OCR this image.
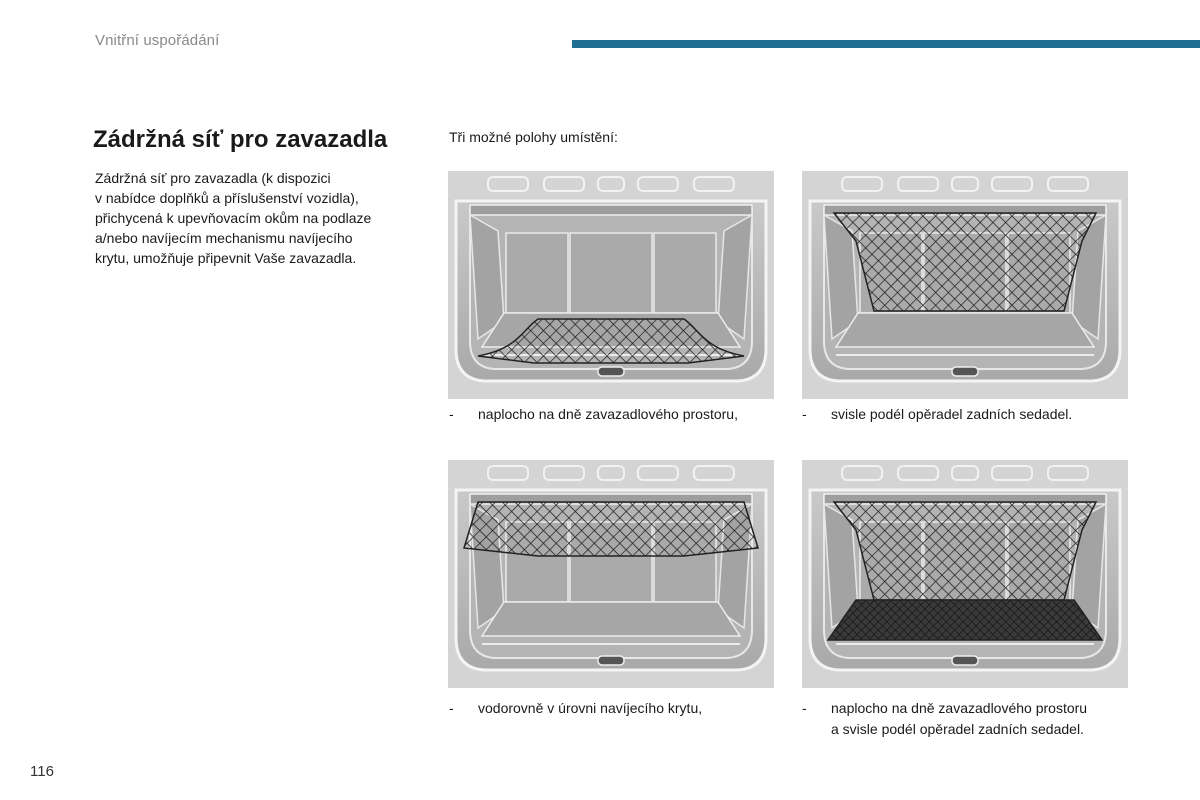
Vnitřní uspořádání
Zádržná síť pro zavazadla
Zádržná síť pro zavazadla (k dispozici
v nabídce doplňků a příslušenství vozidla),
přichycená k upevňovacím okům na podlaze
a/nebo navíjecím mechanismu navíjecího
krytu, umožňuje připevnit Vaše zavazadla.
Tři možné polohy umístění:
- naplocho na dně zavazadlového prostoru,	- svisle podél opěradel zadních sedadel.
- vodorovně v úrovni navíjecího krytu,	- naplocho na dně zavazadlového prostoru
a svisle podél opěradel zadních sedadel.
116
